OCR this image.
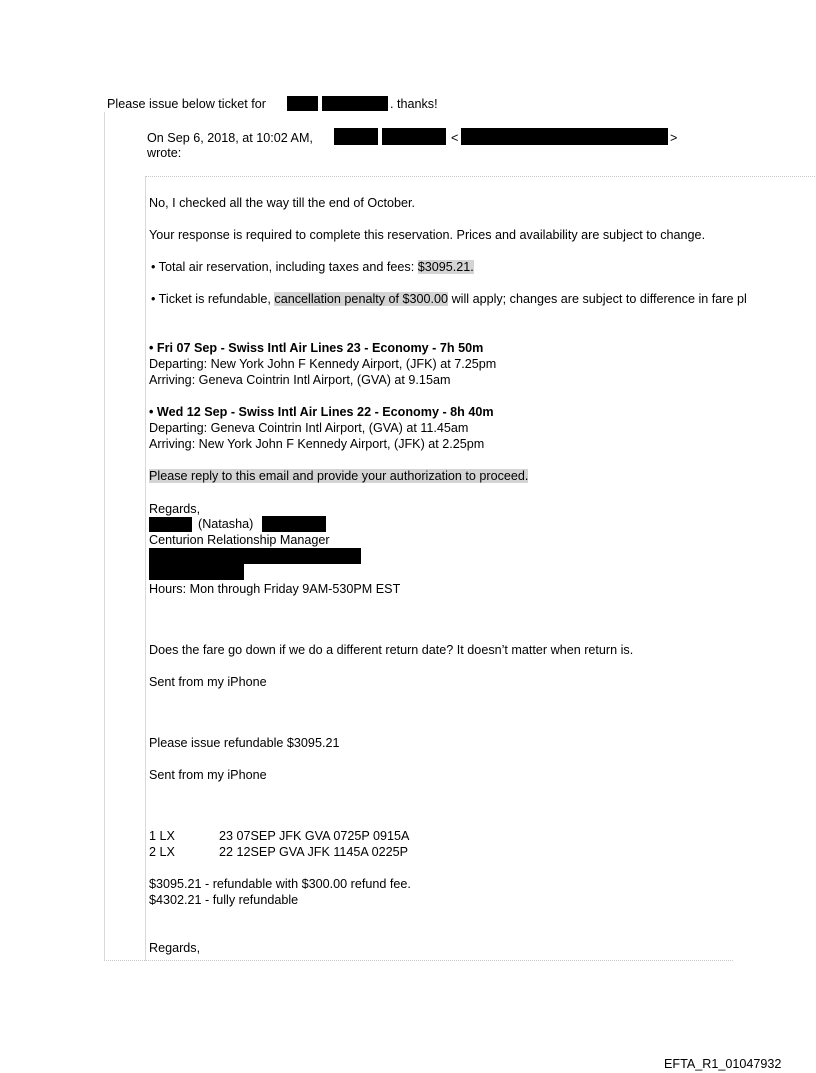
Please issue below ticket for	. thanks!
On Sep 6, 2018, at 10:02 AM,	<	>
wrote:
No, I checked all the way till the end of October.
Your response is required to complete this reservation. Prices and availability are subject to change.
• Total air reservation, including taxes and fees: $3095.21.
• Ticket is refundable, cancellation penalty of $300.00 will apply; changes are subject to difference in fare pl
• Fri 07 Sep - Swiss Intl Air Lines 23 - Economy - 7h 50m
Departing: New York John F Kennedy Airport, (JFK) at 7.25pm
Arriving: Geneva Cointrin Intl Airport, (GVA) at 9.15am
• Wed 12 Sep - Swiss Intl Air Lines 22 - Economy - 8h 40m
Departing: Geneva Cointrin Intl Airport, (GVA) at 11.45am
Arriving: New York John F Kennedy Airport, (JFK) at 2.25pm
Please reply to this email and provide your authorization to proceed.
Regards,
(Natasha)
Centurion Relationship Manager
Hours: Mon through Friday 9AM-530PM EST
Does the fare go down if we do a different return date? It doesn’t matter when return is.
Sent from my iPhone
Please issue refundable $3095.21
Sent from my iPhone
1 LX	23 07SEP JFK GVA 0725P 0915A
2 LX	22 12SEP GVA JFK 1145A 0225P
$3095.21 - refundable with $300.00 refund fee.
$4302.21 - fully refundable
Regards,
EFTA_R1_01047932
